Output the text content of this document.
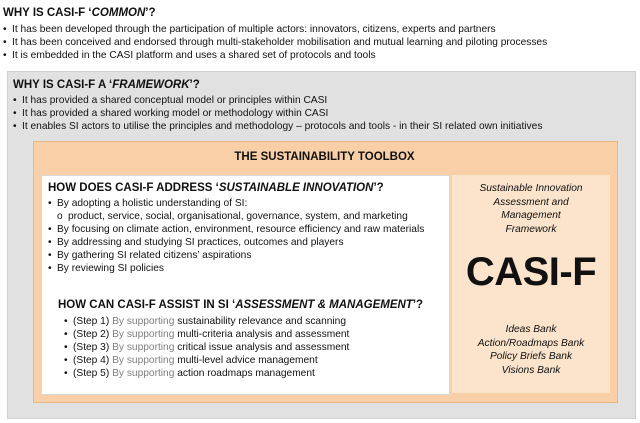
WHY IS CASI-F ‘COMMON’?
• It has been developed through the participation of multiple actors: innovators, citizens, experts and partners
• It has been conceived and endorsed through multi-stakeholder mobilisation and mutual learning and piloting processes
• It is embedded in the CASI platform and uses a shared set of protocols and tools
WHY IS CASI-F A ‘FRAMEWORK’?
• It has provided a shared conceptual model or principles within CASI
• It has provided a shared working model or methodology within CASI
• It enables SI actors to utilise the principles and methodology – protocols and tools - in their SI related own initiatives
THE SUSTAINABILITY TOOLBOX
HOW DOES CASI-F ADDRESS ‘SUSTAINABLE INNOVATION’?
• By adopting a holistic understanding of SI:
o product, service, social, organisational, governance, system, and marketing
• By focusing on climate action, environment, resource efficiency and raw materials
• By addressing and studying SI practices, outcomes and players
• By gathering SI related citizens’ aspirations
• By reviewing SI policies
HOW CAN CASI-F ASSIST IN SI ‘ASSESSMENT & MANAGEMENT’?
• (Step 1) By supporting sustainability relevance and scanning
• (Step 2) By supporting multi-criteria analysis and assessment
• (Step 3) By supporting critical issue analysis and assessment
• (Step 4) By supporting multi-level advice management
• (Step 5) By supporting action roadmaps management
Sustainable Innovation
Assessment and
Management
Framework
CASI-F
Ideas Bank
Action/Roadmaps Bank
Policy Briefs Bank
Visions Bank
